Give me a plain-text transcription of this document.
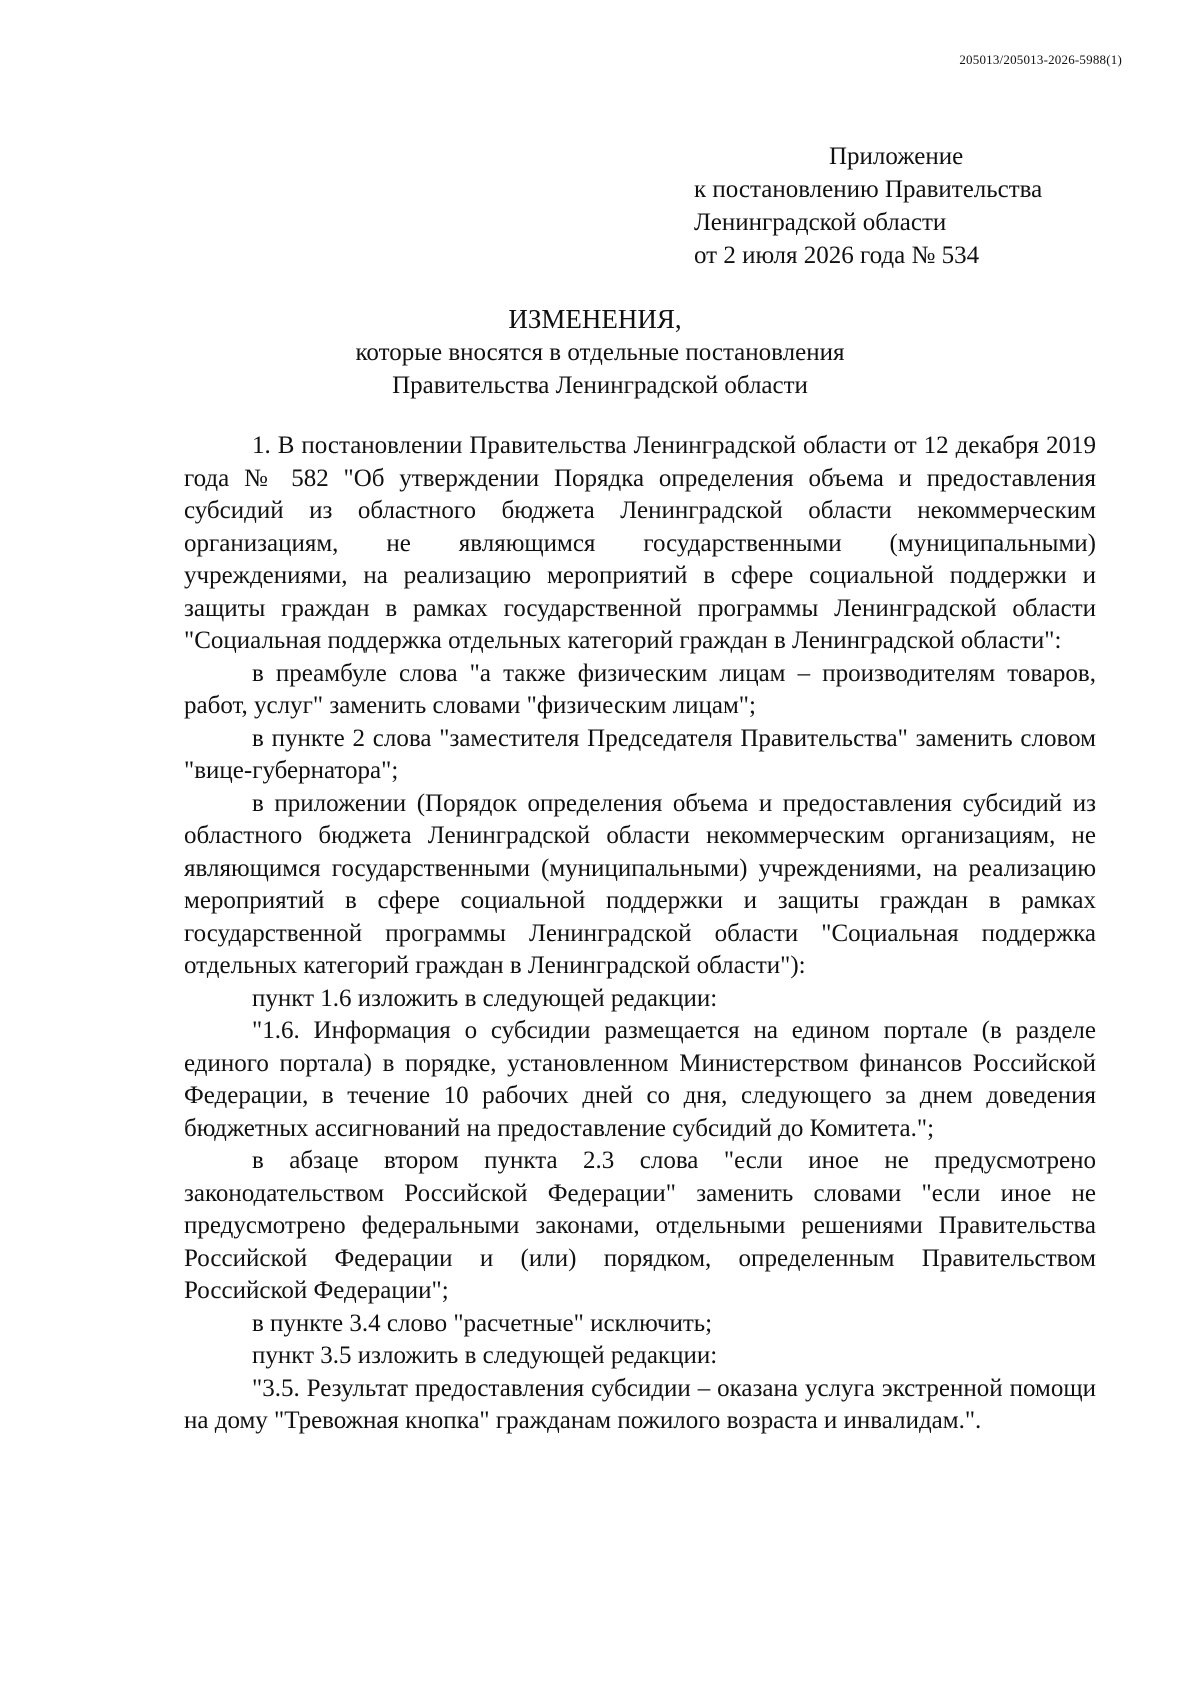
205013/205013-2026-5988(1)
Приложение
к постановлению Правительства
Ленинградской области
от 2 июля 2026 года № 534
ИЗМЕНЕНИЯ,
которые вносятся в отдельные постановления
Правительства Ленинградской области

1. В постановлении Правительства Ленинградской области от 12 декабря 2019 года № 582 "Об утверждении Порядка определения объема и предоставления субсидий из областного бюджета Ленинградской области некоммерческим организациям, не являющимся государственными (муниципальными) учреждениями, на реализацию мероприятий в сфере социальной поддержки и защиты граждан в рамках государственной программы Ленинградской области "Социальная поддержка отдельных категорий граждан в Ленинградской области":

в преамбуле слова "а также физическим лицам – производителям товаров, работ, услуг" заменить словами "физическим лицам";

в пункте 2 слова "заместителя Председателя Правительства" заменить словом "вице-губернатора";

в приложении (Порядок определения объема и предоставления субсидий из областного бюджета Ленинградской области некоммерческим организациям, не являющимся государственными (муниципальными) учреждениями, на реализацию мероприятий в сфере социальной поддержки и защиты граждан в рамках государственной программы Ленинградской области "Социальная поддержка отдельных категорий граждан в Ленинградской области"):

пункт 1.6 изложить в следующей редакции:

"1.6. Информация о субсидии размещается на едином портале (в разделе единого портала) в порядке, установленном Министерством финансов Российской Федерации, в течение 10 рабочих дней со дня, следующего за днем доведения бюджетных ассигнований на предоставление субсидий до Комитета.";

в абзаце втором пункта 2.3 слова "если иное не предусмотрено законодательством Российской Федерации" заменить словами "если иное не предусмотрено федеральными законами, отдельными решениями Правительства Российской Федерации и (или) порядком, определенным Правительством Российской Федерации";

в пункте 3.4 слово "расчетные" исключить;

пункт 3.5 изложить в следующей редакции:

"3.5. Результат предоставления субсидии – оказана услуга экстренной помощи на дому "Тревожная кнопка" гражданам пожилого возраста и инвалидам.".
